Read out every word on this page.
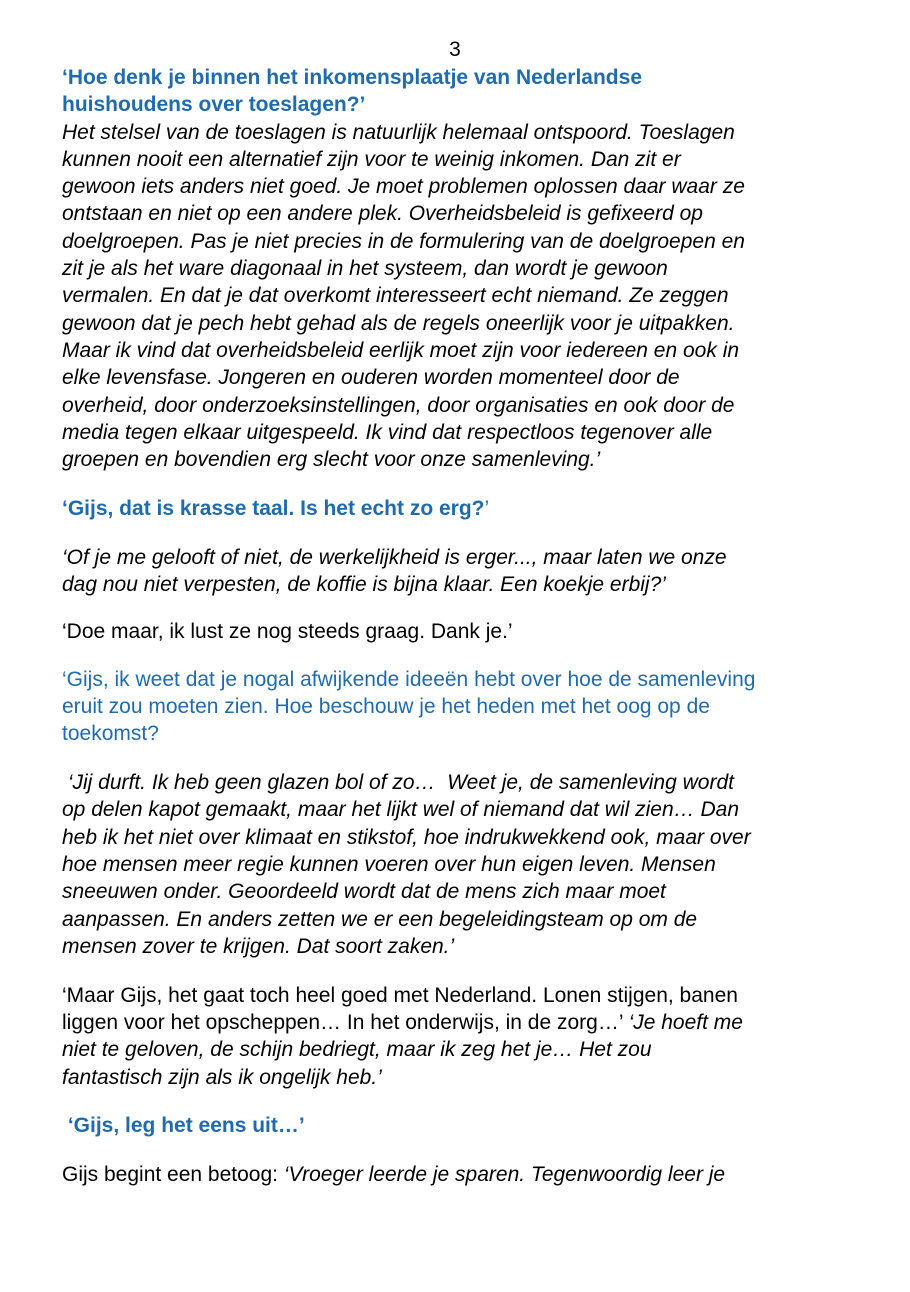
3
‘Hoe denk je binnen het inkomensplaatje van Nederlandse
huishoudens over toeslagen?’
Het stelsel van de toeslagen is natuurlijk helemaal ontspoord. Toeslagen
kunnen nooit een alternatief zijn voor te weinig inkomen. Dan zit er
gewoon iets anders niet goed. Je moet problemen oplossen daar waar ze
ontstaan en niet op een andere plek. Overheidsbeleid is gefixeerd op
doelgroepen. Pas je niet precies in de formulering van de doelgroepen en
zit je als het ware diagonaal in het systeem, dan wordt je gewoon
vermalen. En dat je dat overkomt interesseert echt niemand. Ze zeggen
gewoon dat je pech hebt gehad als de regels oneerlijk voor je uitpakken.
Maar ik vind dat overheidsbeleid eerlijk moet zijn voor iedereen en ook in
elke levensfase. Jongeren en ouderen worden momenteel door de
overheid, door onderzoeksinstellingen, door organisaties en ook door de
media tegen elkaar uitgespeeld. Ik vind dat respectloos tegenover alle
groepen en bovendien erg slecht voor onze samenleving.’
‘Gijs, dat is krasse taal. Is het echt zo erg?’
‘Of je me gelooft of niet, de werkelijkheid is erger..., maar laten we onze
dag nou niet verpesten, de koffie is bijna klaar. Een koekje erbij?’
‘Doe maar, ik lust ze nog steeds graag. Dank je.’
‘Gijs, ik weet dat je nogal afwijkende ideeën hebt over hoe de samenleving
eruit zou moeten zien. Hoe beschouw je het heden met het oog op de
toekomst?
‘Jij durft. Ik heb geen glazen bol of zo…  Weet je, de samenleving wordt
op delen kapot gemaakt, maar het lijkt wel of niemand dat wil zien… Dan
heb ik het niet over klimaat en stikstof, hoe indrukwekkend ook, maar over
hoe mensen meer regie kunnen voeren over hun eigen leven. Mensen
sneeuwen onder. Geoordeeld wordt dat de mens zich maar moet
aanpassen. En anders zetten we er een begeleidingsteam op om de
mensen zover te krijgen. Dat soort zaken.’
‘Maar Gijs, het gaat toch heel goed met Nederland. Lonen stijgen, banen
liggen voor het opscheppen… In het onderwijs, in de zorg…’ ‘Je hoeft me
niet te geloven, de schijn bedriegt, maar ik zeg het je… Het zou
fantastisch zijn als ik ongelijk heb.’
‘Gijs, leg het eens uit…’
Gijs begint een betoog: ‘Vroeger leerde je sparen. Tegenwoordig leer je
